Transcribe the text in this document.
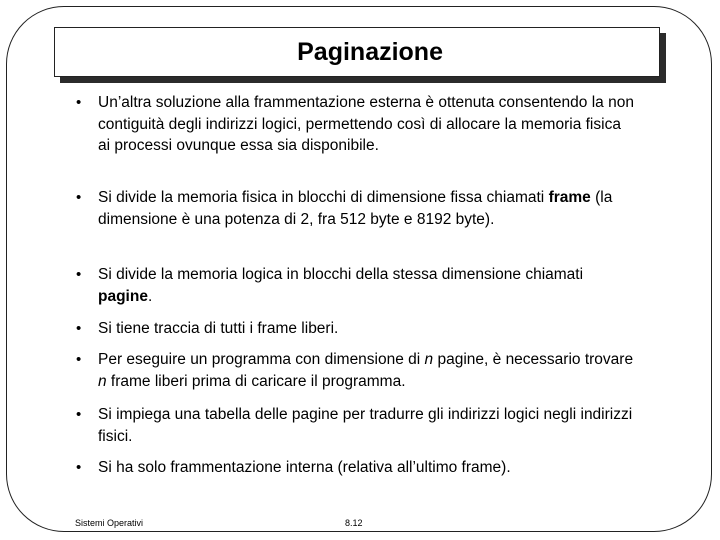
Paginazione
• Un’altra soluzione alla frammentazione esterna è ottenuta consentendo la non contiguità degli indirizzi logici, permettendo così di allocare la memoria fisica ai processi ovunque essa sia disponibile.
• Si divide la memoria fisica in blocchi di dimensione fissa chiamati frame (la dimensione è una potenza di 2, fra 512 byte e 8192 byte).
• Si divide la memoria logica in blocchi della stessa dimensione chiamati pagine.
• Si tiene traccia di tutti i frame liberi.
• Per eseguire un programma con dimensione di n pagine, è necessario trovare n frame liberi prima di caricare il programma.
• Si impiega una tabella delle pagine per tradurre gli indirizzi logici negli indirizzi fisici.
• Si ha solo frammentazione interna (relativa all’ultimo frame).
Sistemi Operativi	8.12
